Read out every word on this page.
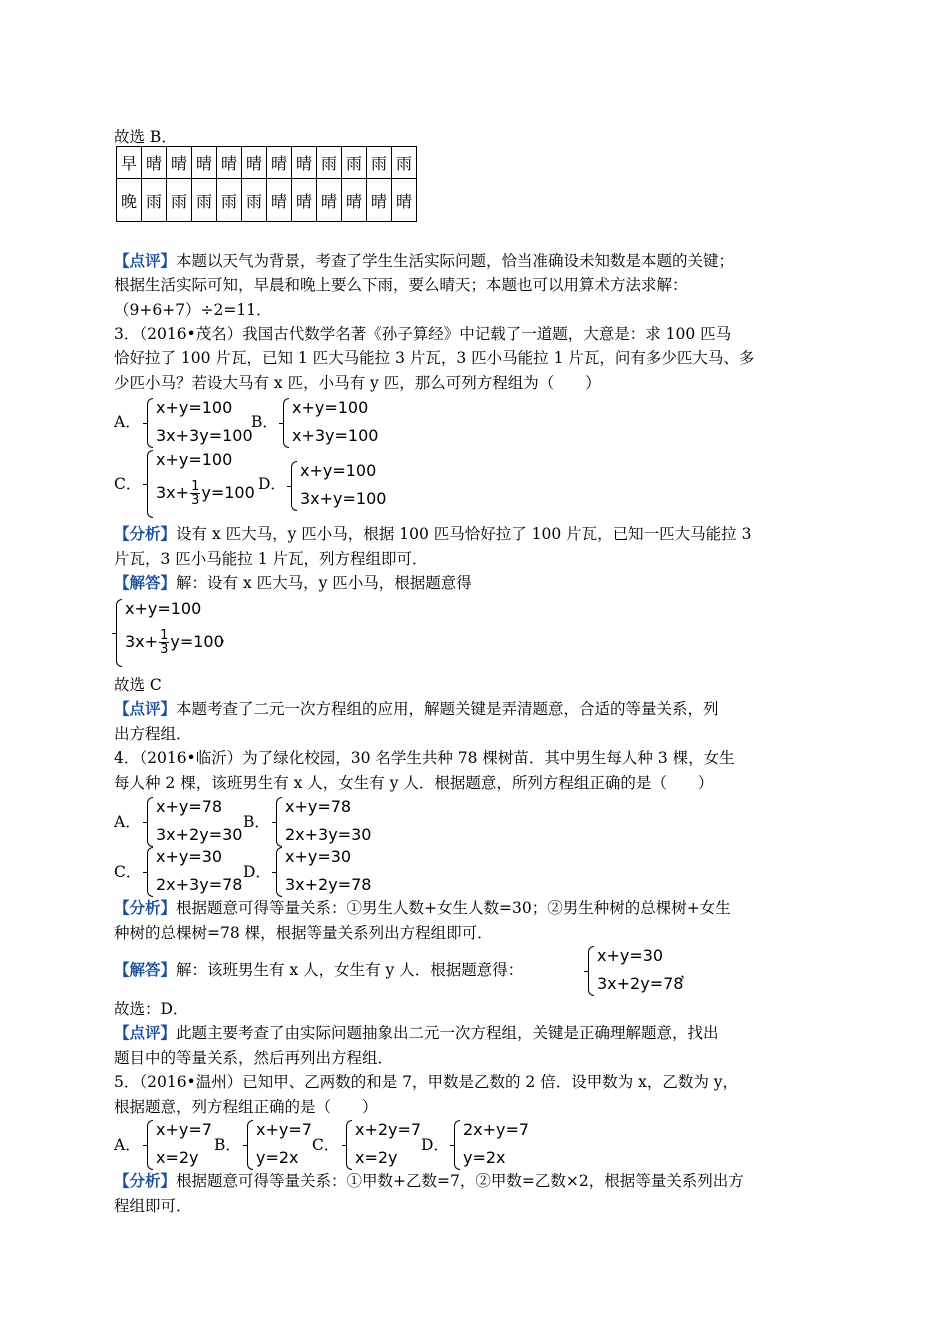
故选 B．
早	晴	晴	晴	晴	晴	晴	晴	雨	雨	雨	雨
晚	雨	雨	雨	雨	雨	晴	晴	晴	晴	晴	晴
【点评】本题以天气为背景，考查了学生生活实际问题，恰当准确设未知数是本题的关键；
根据生活实际可知，早晨和晚上要么下雨，要么晴天；本题也可以用算术方法求解：
（9+6+7）÷2=11．
3．（2016•茂名）我国古代数学名著《孙子算经》中记载了一道题，大意是：求 100 匹马
恰好拉了 100 片瓦，已知 1 匹大马能拉 3 片瓦，3 匹小马能拉 1 片瓦，问有多少匹大马、多
少匹小马？若设大马有 x 匹，小马有 y 匹，那么可列方程组为（　　）
A．
x+y=100
3x+3y=100
B．
x+y=100
x+3y=100
C．
x+y=100
$3x+ \frac{1}{3} y=100$ D．
x+y=100
3x+y=100
【分析】设有 x 匹大马，y 匹小马，根据 100 匹马恰好拉了 100 片瓦，已知一匹大马能拉 3
片瓦，3 匹小马能拉 1 片瓦，列方程组即可．
【解答】解：设有 x 匹大马，y 匹小马，根据题意得
x+y=100
$3x+ \frac{1}{3} y=100$
，
故选 C
【点评】本题考查了二元一次方程组的应用，解题关键是弄清题意，合适的等量关系，列
出方程组．
4．（2016•临沂）为了绿化校园，30 名学生共种 78 棵树苗．其中男生每人种 3 棵，女生
每人种 2 棵，该班男生有 x 人，女生有 y 人．根据题意，所列方程组正确的是（　　）
A．
x+y=78
3x+2y=30
B．
x+y=78
2x+3y=30
C．
x+y=30
2x+3y=78
D．
x+y=30
3x+2y=78
【分析】根据题意可得等量关系：①男生人数+女生人数=30；②男生种树的总棵树+女生
种树的总棵树=78 棵，根据等量关系列出方程组即可．
【解答】解：该班男生有 x 人，女生有 y 人．根据题意得：
x+y=30
3x+2y=78
，
故选：D．
【点评】此题主要考查了由实际问题抽象出二元一次方程组，关键是正确理解题意，找出
题目中的等量关系，然后再列出方程组．
5．（2016•温州）已知甲、乙两数的和是 7，甲数是乙数的 2 倍．设甲数为 x，乙数为 y，
根据题意，列方程组正确的是（　　）
A．
x+y=7
x=2y
B．
x+y=7
y=2x
C．
x+2y=7
x=2y
D．
2x+y=7
y=2x
【分析】根据题意可得等量关系：①甲数+乙数=7，②甲数=乙数×2，根据等量关系列出方
程组即可．
